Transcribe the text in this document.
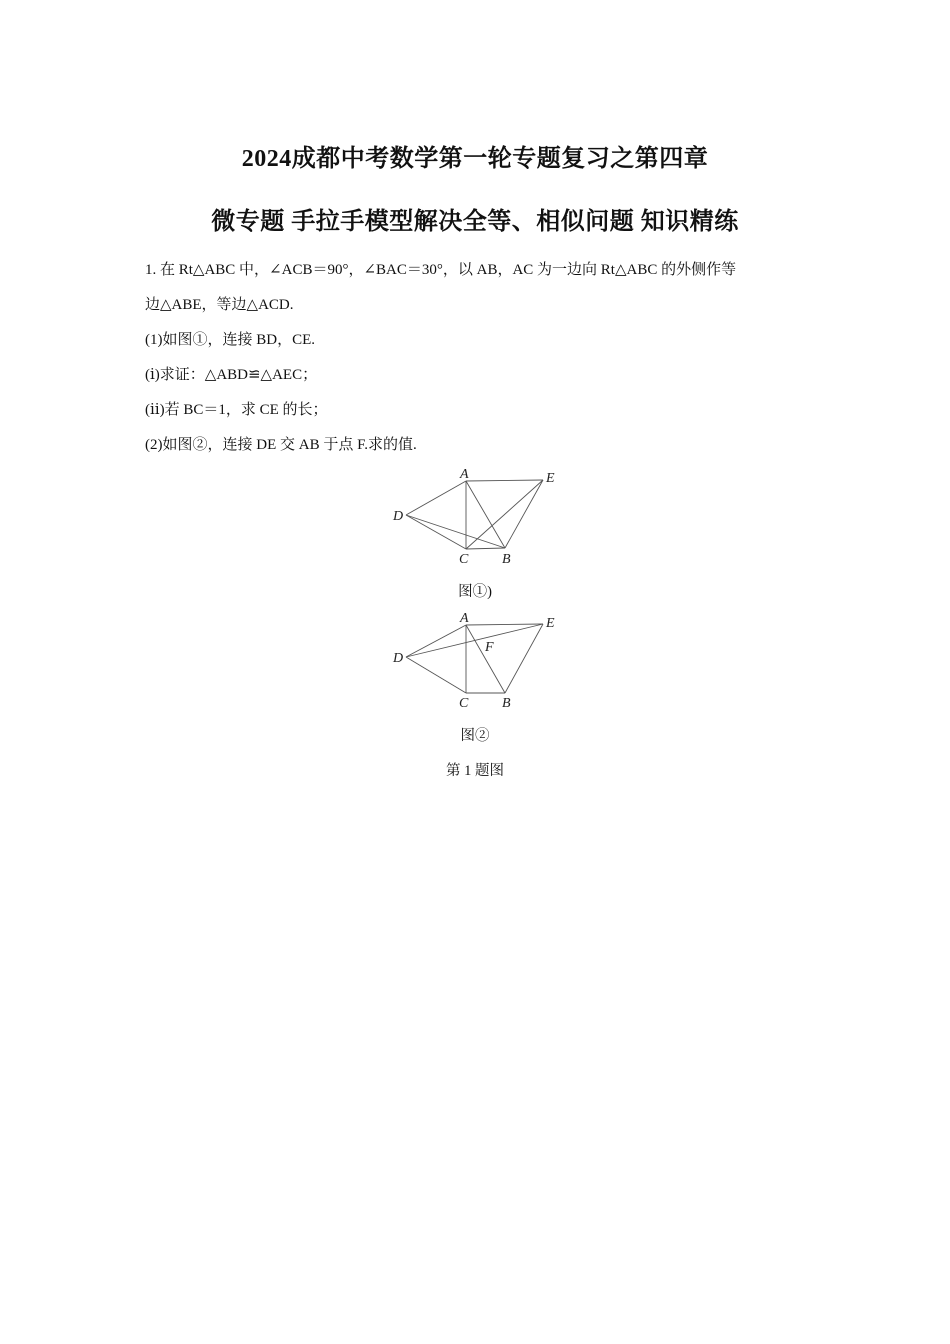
2024成都中考数学第一轮专题复习之第四章
微专题 手拉手模型解决全等、相似问题 知识精练
1. 在 Rt△ABC 中，∠ACB＝90°，∠BAC＝30°，以 AB，AC 为一边向 Rt△ABC 的外侧作等
边△ABE，等边△ACD.
(1)如图①，连接 BD，CE.
(ⅰ)求证：△ABD≌△AEC；
(ⅱ)若 BC＝1，求 CE 的长；
(2)如图②，连接 DE 交 AB 于点 F.求的值.
A	E
D
C B
图①)
A	E
F
D
C B
图②
第 1 题图
